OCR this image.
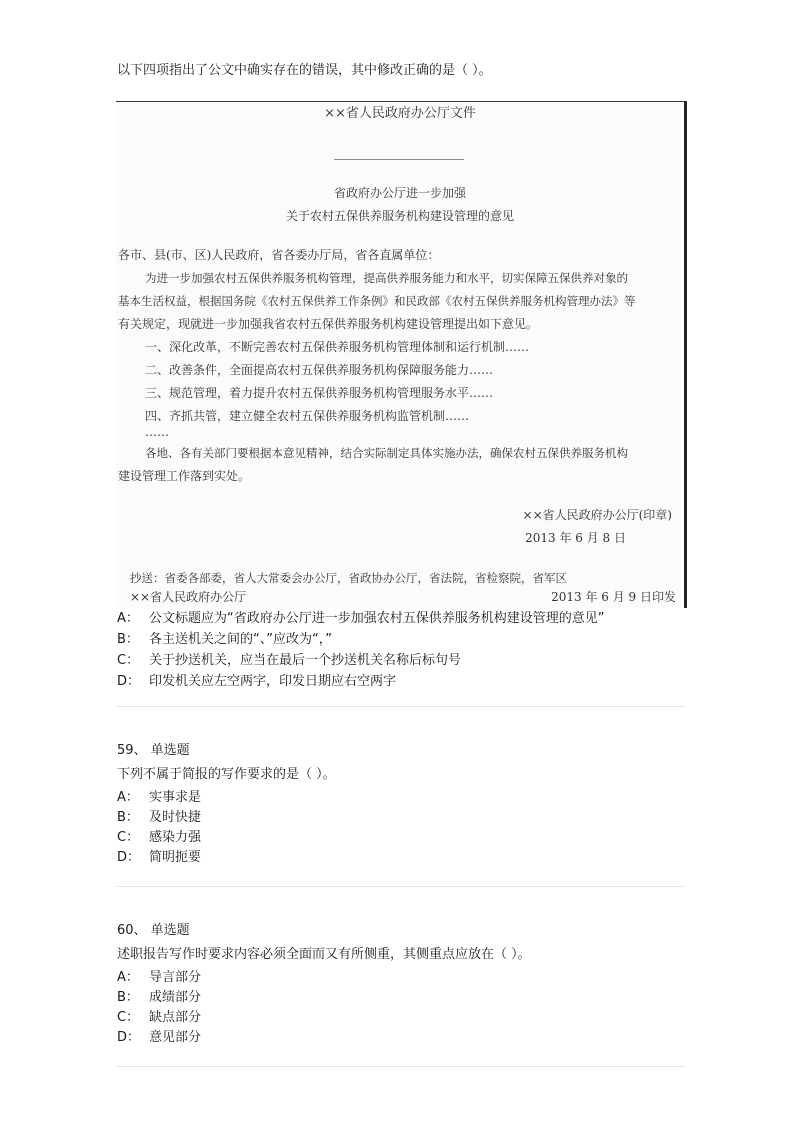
以下四项指出了公文中确实存在的错误，其中修改正确的是（ ）。
××省人民政府办公厅文件
省政府办公厅进一步加强
关于农村五保供养服务机构建设管理的意见
各市、县(市、区)人民政府，省各委办厅局，省各直属单位：
为进一步加强农村五保供养服务机构管理，提高供养服务能力和水平，切实保障五保供养对象的
基本生活权益，根据国务院《农村五保供养工作条例》和民政部《农村五保供养服务机构管理办法》等
有关规定，现就进一步加强我省农村五保供养服务机构建设管理提出如下意见。
一、深化改革，不断完善农村五保供养服务机构管理体制和运行机制……
二、改善条件，全面提高农村五保供养服务机构保障服务能力……
三、规范管理，着力提升农村五保供养服务机构管理服务水平……
四、齐抓共管，建立健全农村五保供养服务机构监管机制……
……
各地、各有关部门要根据本意见精神，结合实际制定具体实施办法，确保农村五保供养服务机构
建设管理工作落到实处。
××省人民政府办公厅(印章)
2013 年 6 月 8 日
抄送：省委各部委，省人大常委会办公厅，省政协办公厅，省法院，省检察院，省军区
××省人民政府办公厅	2013 年 6 月 9 日印发
A： 公文标题应为“省政府办公厅进一步加强农村五保供养服务机构建设管理的意见”
B： 各主送机关之间的“、”应改为“，”
C： 关于抄送机关，应当在最后一个抄送机关名称后标句号
D： 印发机关应左空两字，印发日期应右空两字
59、 单选题
下列不属于简报的写作要求的是（ ）。
A： 实事求是
B： 及时快捷
C： 感染力强
D： 简明扼要
60、 单选题
述职报告写作时要求内容必须全面而又有所侧重，其侧重点应放在（ ）。
A： 导言部分
B： 成绩部分
C： 缺点部分
D： 意见部分
